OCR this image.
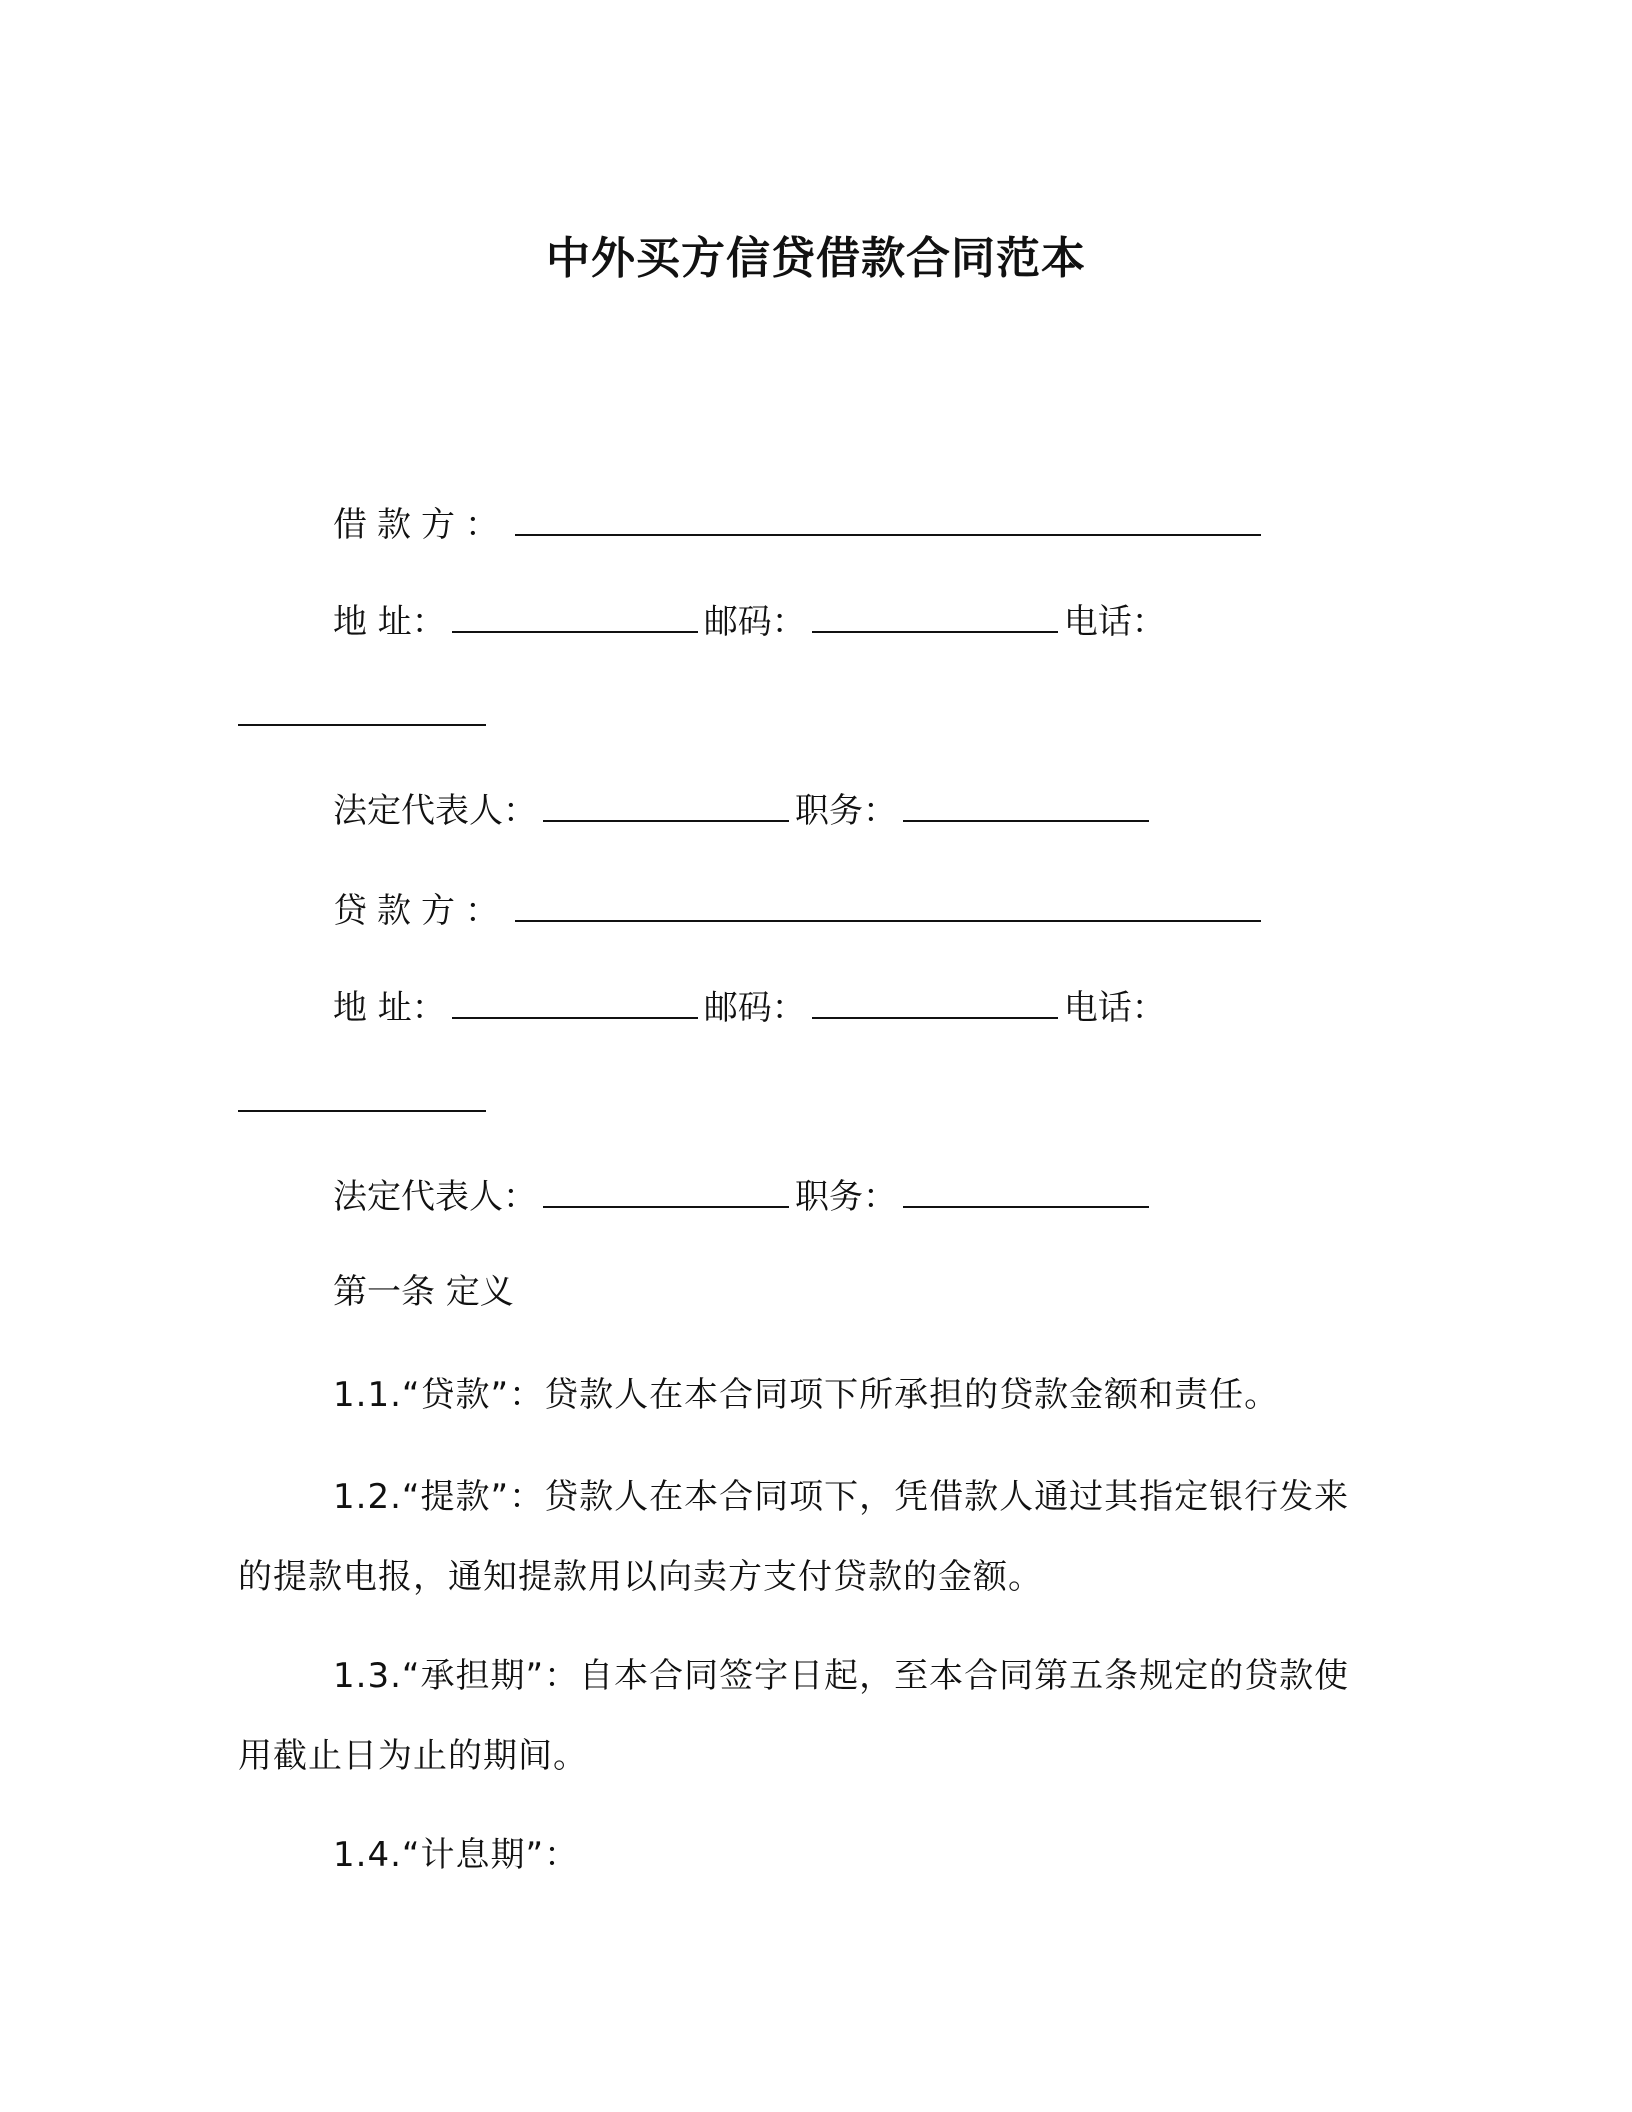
中外买方信贷借款合同范本
借款方：
地 址：	邮码：	电话：
法定代表人：	职务：
贷款方：
地 址：	邮码：	电话：
法定代表人：	职务：
第一条 定义
1.1.“贷款”：贷款人在本合同项下所承担的贷款金额和责任。
1.2.“提款”：贷款人在本合同项下，凭借款人通过其指定银行发来的提款电报，通知提款用以向卖方支付贷款的金额。
1.3.“承担期”：自本合同签字日起，至本合同第五条规定的贷款使用截止日为止的期间。
1.4.“计息期”：
